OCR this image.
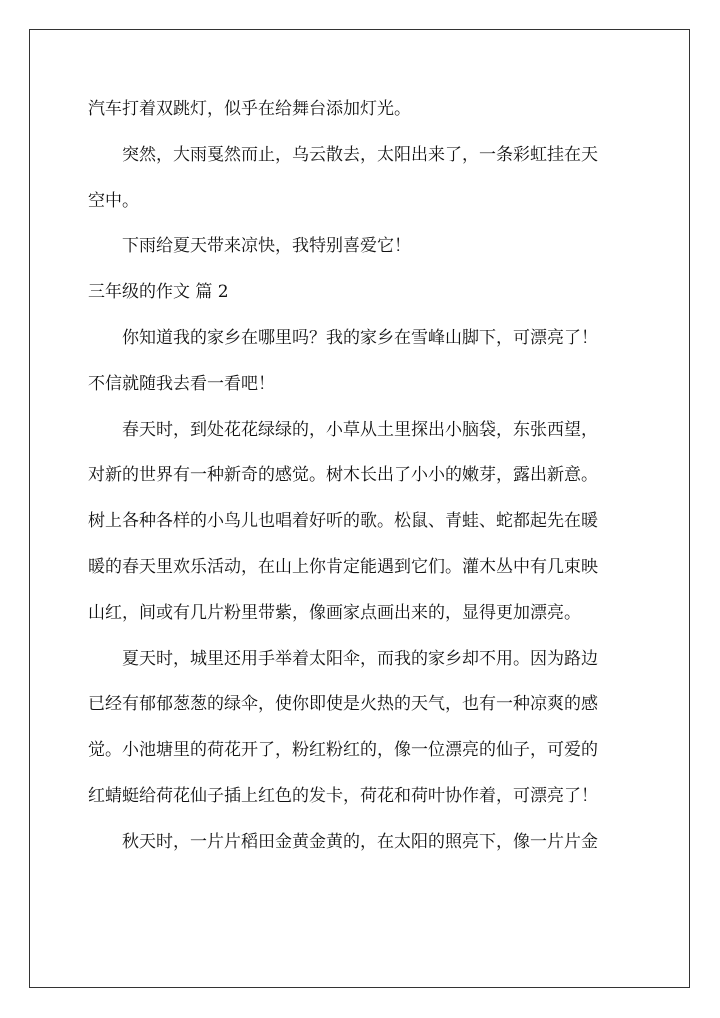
汽车打着双跳灯，似乎在给舞台添加灯光。
突然，大雨戛然而止，乌云散去，太阳出来了，一条彩虹挂在天
空中。
下雨给夏天带来凉快，我特别喜爱它！
三年级的作文 篇 2
你知道我的家乡在哪里吗？我的家乡在雪峰山脚下，可漂亮了！
不信就随我去看一看吧！
春天时，到处花花绿绿的，小草从土里探出小脑袋，东张西望，
对新的世界有一种新奇的感觉。树木长出了小小的嫩芽，露出新意。
树上各种各样的小鸟儿也唱着好听的歌。松鼠、青蛙、蛇都起先在暖
暖的春天里欢乐活动，在山上你肯定能遇到它们。灌木丛中有几束映
山红，间或有几片粉里带紫，像画家点画出来的，显得更加漂亮。
夏天时，城里还用手举着太阳伞，而我的家乡却不用。因为路边
已经有郁郁葱葱的绿伞，使你即使是火热的天气，也有一种凉爽的感
觉。小池塘里的荷花开了，粉红粉红的，像一位漂亮的仙子，可爱的
红蜻蜓给荷花仙子插上红色的发卡，荷花和荷叶协作着，可漂亮了！
秋天时，一片片稻田金黄金黄的，在太阳的照亮下，像一片片金
